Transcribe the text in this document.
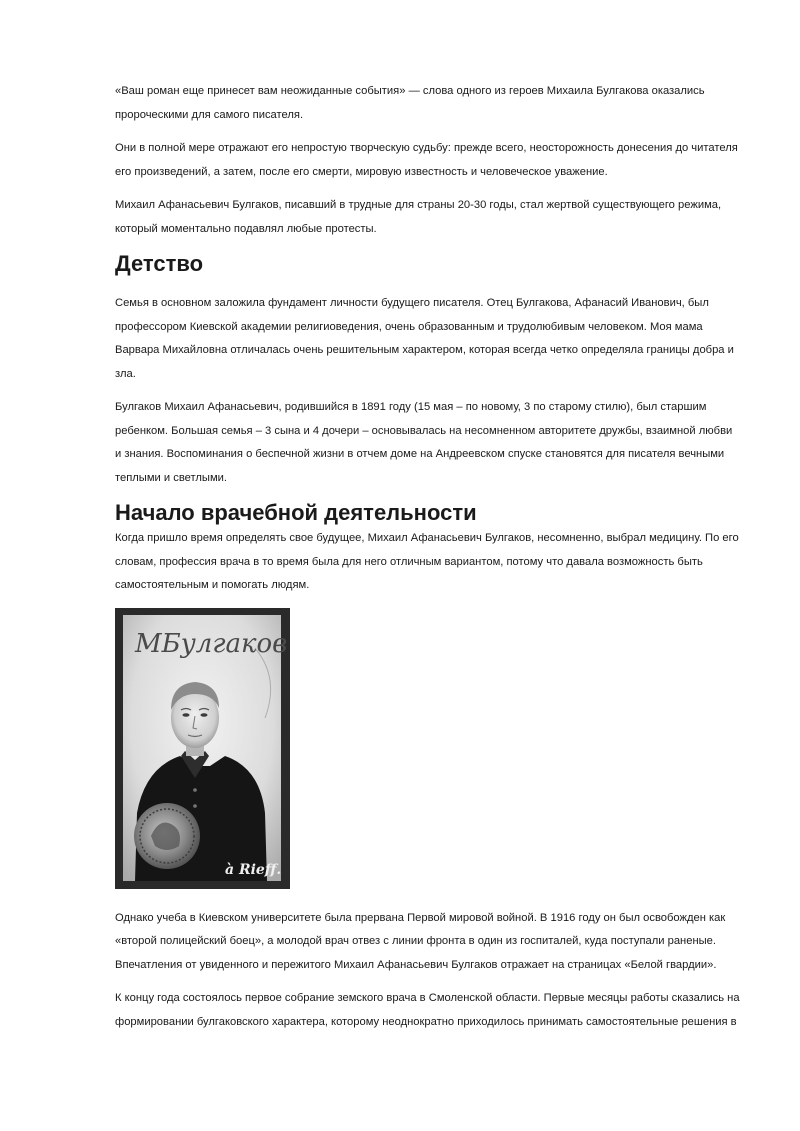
«Ваш роман еще принесет вам неожиданные события» — слова одного из героев Михаила Булгакова оказались пророческими для самого писателя.

Они в полной мере отражают его непростую творческую судьбу: прежде всего, неосторожность донесения до читателя его произведений, а затем, после его смерти, мировую известность и человеческое уважение.

Михаил Афанасьевич Булгаков, писавший в трудные для страны 20-30 годы, стал жертвой существующего режима, который моментально подавлял любые протесты.

Детство

Семья в основном заложила фундамент личности будущего писателя. Отец Булгакова, Афанасий Иванович, был профессором Киевской академии религиоведения, очень образованным и трудолюбивым человеком. Моя мама Варвара Михайловна отличалась очень решительным характером, которая всегда четко определяла границы добра и зла.

Булгаков Михаил Афанасьевич, родившийся в 1891 году (15 мая – по новому, 3 по старому стилю), был старшим ребенком. Большая семья – 3 сына и 4 дочери – основывалась на несомненном авторитете дружбы, взаимной любви и знания. Воспоминания о беспечной жизни в отчем доме на Андреевском спуске становятся для писателя вечными теплыми и светлыми.

Начало врачебной деятельности

Когда пришло время определять свое будущее, Михаил Афанасьевич Булгаков, несомненно, выбрал медицину. По его словам, профессия врача в то время была для него отличным вариантом, потому что давала возможность быть самостоятельным и помогать людям.

МБулгаков
à Rieff.

Однако учеба в Киевском университете была прервана Первой мировой войной. В 1916 году он был освобожден как «второй полицейский боец», а молодой врач отвез с линии фронта в один из госпиталей, куда поступали раненые. Впечатления от увиденного и пережитого Михаил Афанасьевич Булгаков отражает на страницах «Белой гвардии».

К концу года состоялось первое собрание земского врача в Смоленской области. Первые месяцы работы сказались на формировании булгаковского характера, которому неоднократно приходилось принимать самостоятельные решения в
